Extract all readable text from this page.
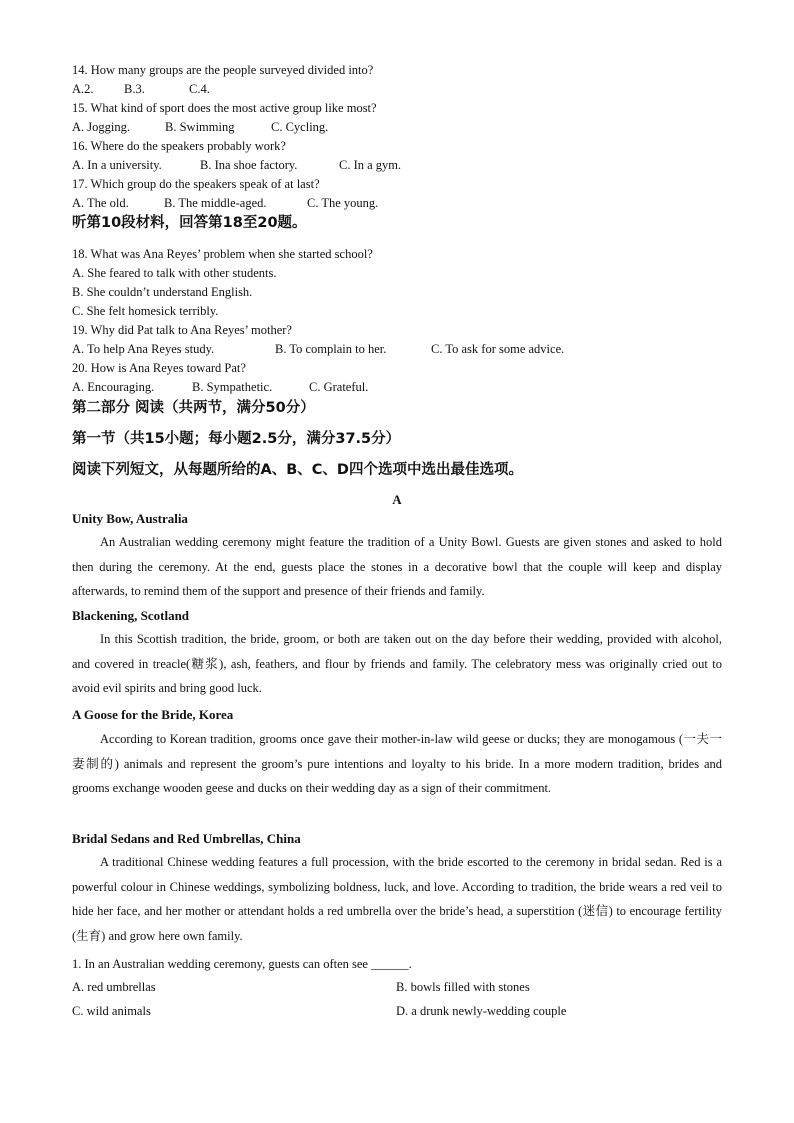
14. How many groups are the people surveyed divided into?
A.2. B.3.	C.4.
15. What kind of sport does the most active group like most?
A. Jogging.	B. Swimming	C. Cycling.
16. Where do the speakers probably work?
A. In a university.	B. Ina shoe factory.	C. In a gym.
17. Which group do the speakers speak of at last?
A. The old.	B. The middle-aged.	C. The young.
听第10段材料，回答第18至20题。
18. What was Ana Reyes’ problem when she started school?
A. She feared to talk with other students.
B. She couldn’t understand English.
C. She felt homesick terribly.
19. Why did Pat talk to Ana Reyes’ mother?
A. To help Ana Reyes study.	B. To complain to her.	C. To ask for some advice.
20. How is Ana Reyes toward Pat?
A. Encouraging.	B. Sympathetic.	C. Grateful.
第二部分 阅读（共两节，满分50分）
第一节（共15小题；每小题2.5分，满分37.5分）
阅读下列短文，从每题所给的A、B、C、D四个选项中选出最佳选项。
A
Unity Bow, Australia
An Australian wedding ceremony might feature the tradition of a Unity Bowl. Guests are given stones and asked to hold then during the ceremony. At the end, guests place the stones in a decorative bowl that the couple will keep and display afterwards, to remind them of the support and presence of their friends and family.
Blackening, Scotland
In this Scottish tradition, the bride, groom, or both are taken out on the day before their wedding, provided with alcohol, and covered in treacle(糖浆), ash, feathers, and flour by friends and family. The celebratory mess was originally cried out to avoid evil spirits and bring good luck.
A Goose for the Bride, Korea
According to Korean tradition, grooms once gave their mother-in-law wild geese or ducks; they are monogamous (一夫一妻制的) animals and represent the groom’s pure intentions and loyalty to his bride. In a more modern tradition, brides and grooms exchange wooden geese and ducks on their wedding day as a sign of their commitment.
Bridal Sedans and Red Umbrellas, China
A traditional Chinese wedding features a full procession, with the bride escorted to the ceremony in bridal sedan. Red is a powerful colour in Chinese weddings, symbolizing boldness, luck, and love. According to tradition, the bride wears a red veil to hide her face, and her mother or attendant holds a red umbrella over the bride’s head, a superstition (迷信) to encourage fertility (生育) and grow here own family.
1. In an Australian wedding ceremony, guests can often see ______.
A. red umbrellas	B. bowls filled with stones
C. wild animals	D. a drunk newly-wedding couple
